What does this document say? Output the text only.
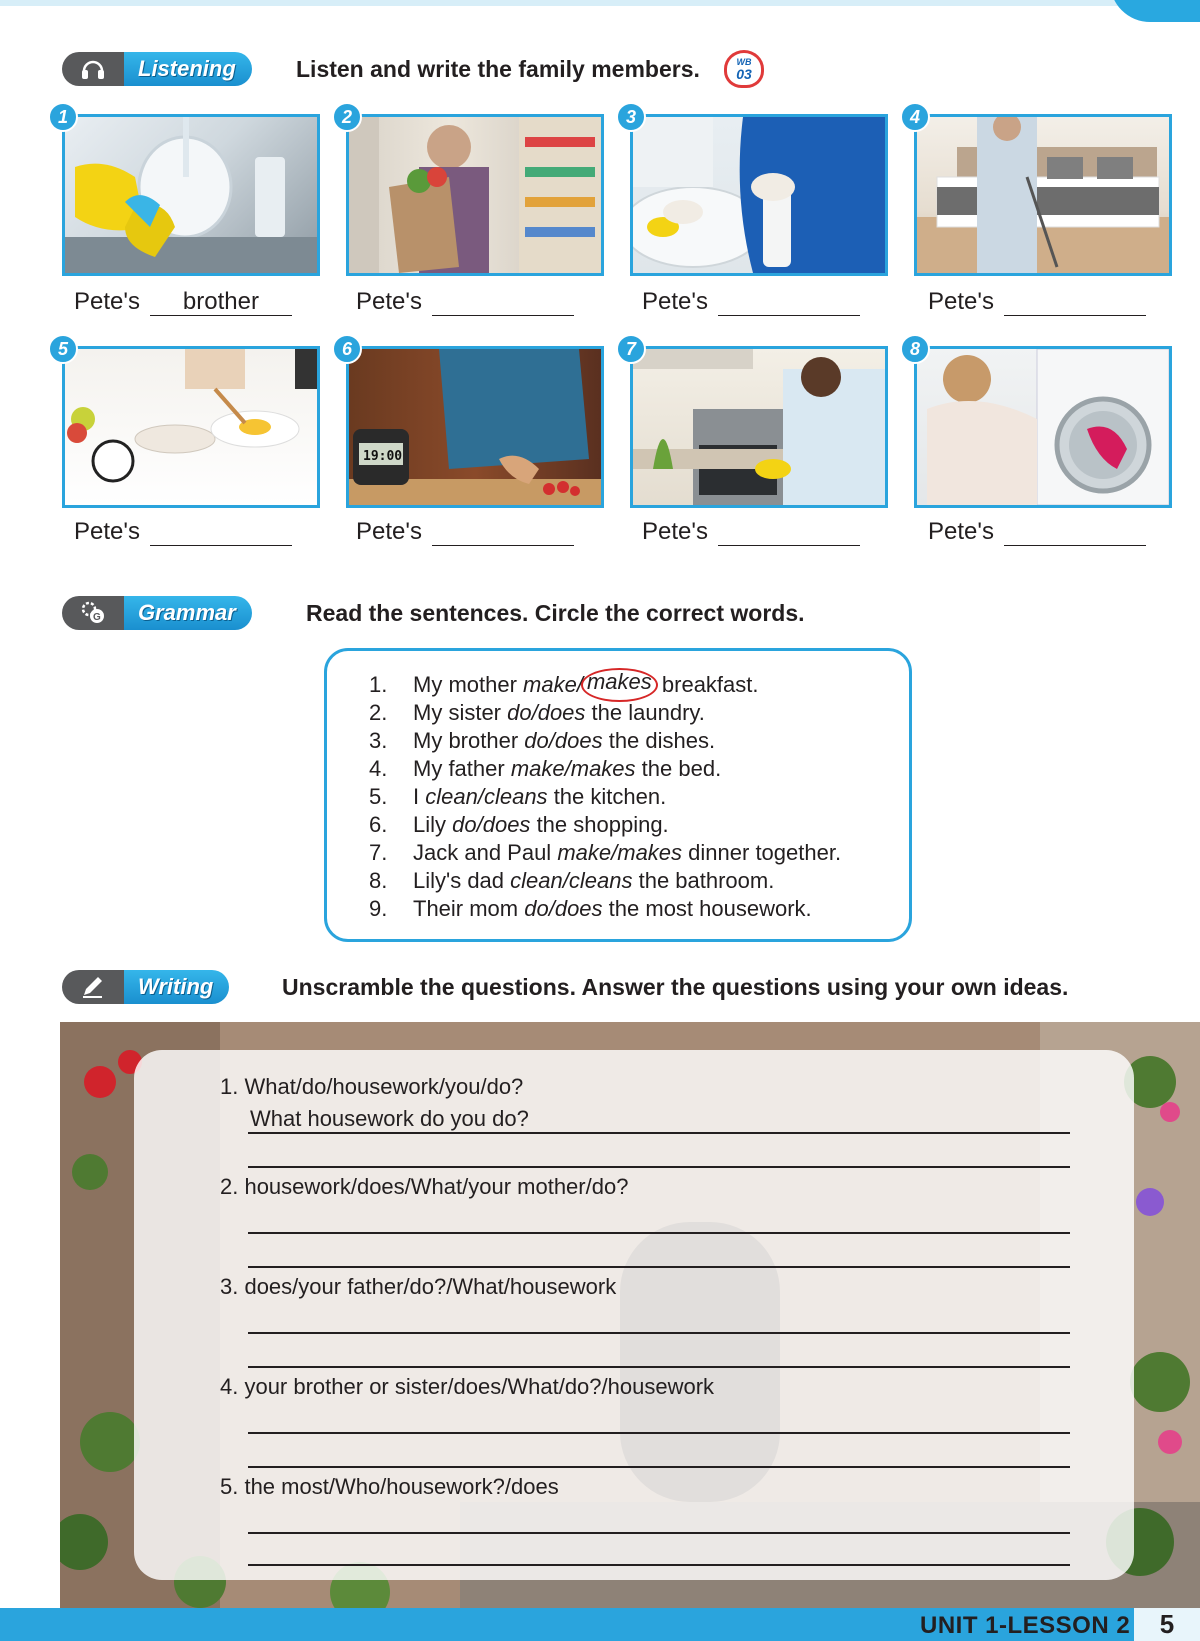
Listening	Listen and write the family members.	WB
03
1	2	3	4
Pete's	brother	Pete's	Pete's	Pete's
5
19:00
6	7	8
Pete's	Pete's	Pete's	Pete's
G	Grammar	Read the sentences. Circle the correct words.
1.	My mother
make/ makes
breakfast.
2.	My sister
do/does
the laundry.
3.	My brother
do/does
the dishes.
4.	My father
make/makes
the bed.
5.	I
clean/cleans
the kitchen.
6.	Lily
do/does
the shopping.
7.	Jack and Paul
make/makes
dinner together.
8.	Lily's dad
clean/cleans
the bathroom.
9.	Their mom
do/does
the most housework.
Writing	Unscramble the questions. Answer the questions using your own ideas.
1. What/do/housework/you/do?
What housework do you do?
2. housework/does/What/your mother/do?
3. does/your father/do?/What/housework
4. your brother or sister/does/What/do?/housework
5. the most/Who/housework?/does
UNIT 1-LESSON 2	5
